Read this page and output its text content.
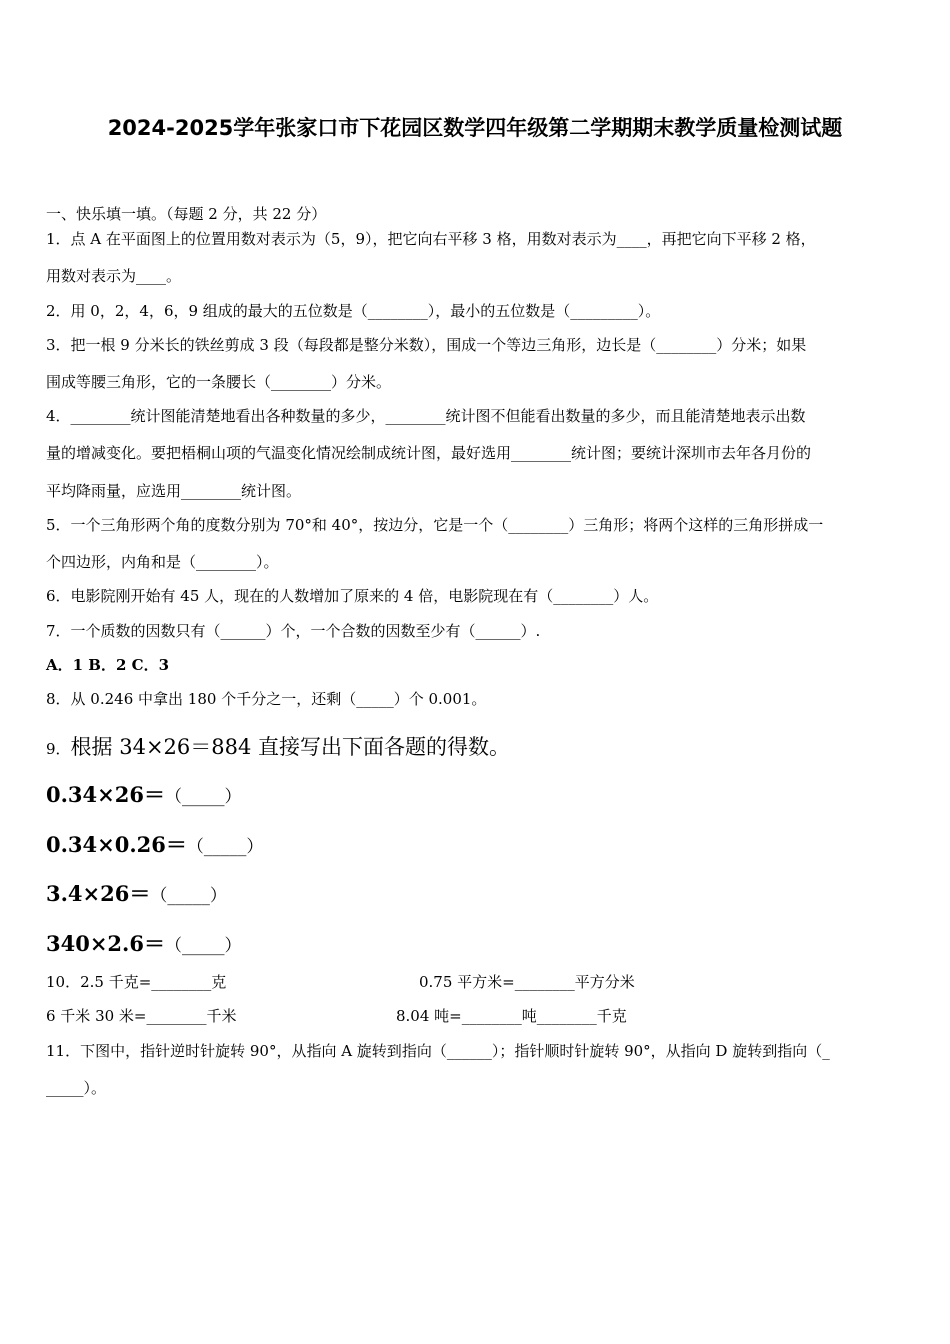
2024-2025学年张家口市下花园区数学四年级第二学期期末教学质量检测试题
一、快乐填一填。（每题 2 分，共 22 分）
1．点 A 在平面图上的位置用数对表示为（5，9），把它向右平移 3 格，用数对表示为____，再把它向下平移 2 格，
用数对表示为____。
2．用 0，2，4，6，9 组成的最大的五位数是（________），最小的五位数是（_________）。
3．把一根 9 分米长的铁丝剪成 3 段（每段都是整分米数），围成一个等边三角形，边长是（________）分米；如果
围成等腰三角形，它的一条腰长（________）分米。
4．________统计图能清楚地看出各种数量的多少，________统计图不但能看出数量的多少，而且能清楚地表示出数
量的增减变化。要把梧桐山项的气温变化情况绘制成统计图，最好选用________统计图；要统计深圳市去年各月份的
平均降雨量，应选用________统计图。
5．一个三角形两个角的度数分别为 70°和 40°，按边分，它是一个（________）三角形；将两个这样的三角形拼成一
个四边形，内角和是（________）。
6．电影院刚开始有 45 人，现在的人数增加了原来的 4 倍，电影院现在有（________）人。
7．一个质数的因数只有（______）个，一个合数的因数至少有（______）.
A．1 B．2 C．3
8．从 0.246 中拿出 180 个千分之一，还剩（_____）个 0.001。
9．根据 34×26＝884 直接写出下面各题的得数。
0.34×26＝（_____）
0.34×0.26＝（_____）
3.4×26＝（_____）
340×2.6＝（_____）
10．2.5 千克=________克	0.75 平方米=________平方分米
6 千米 30 米=________千米	8.04 吨=________吨________千克
11．下图中，指针逆时针旋转 90°，从指向 A 旋转到指向（______）；指针顺时针旋转 90°，从指向 D 旋转到指向（_
_____）。
